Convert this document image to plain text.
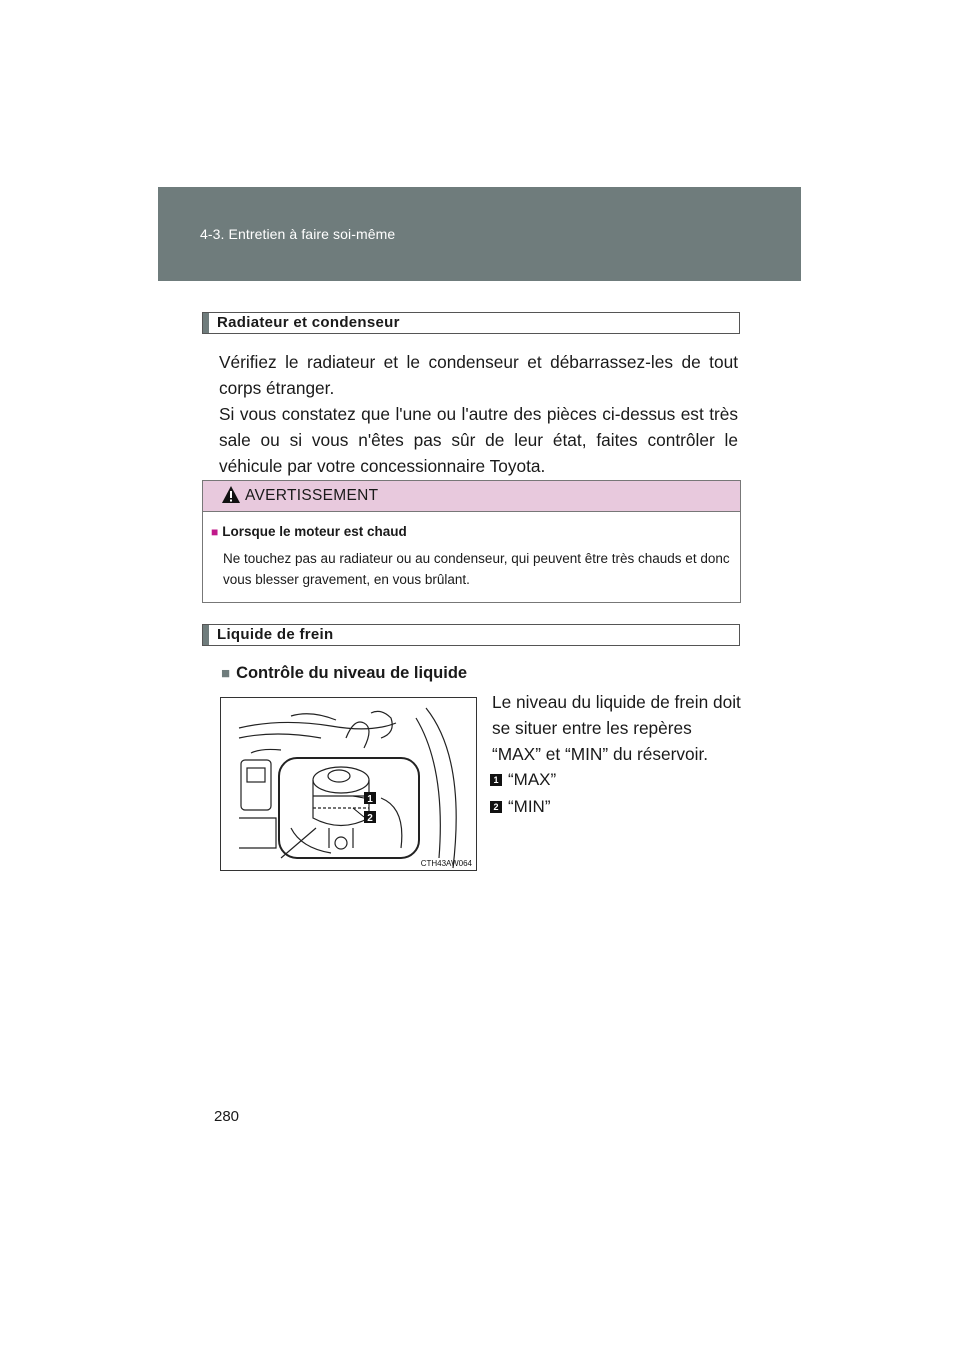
4-3. Entretien à faire soi-même
Radiateur et condenseur

Vérifiez le radiateur et le condenseur et débarrassez-les de tout corps étranger.

Si vous constatez que l'une ou l'autre des pièces ci-dessus est très sale ou si vous n'êtes pas sûr de leur état, faites contrôler le véhicule par votre concessionnaire Toyota.

AVERTISSEMENT
■ Lorsque le moteur est chaud
Ne touchez pas au radiateur ou au condenseur, qui peuvent être très chauds et donc vous blesser gravement, en vous brûlant.
Liquide de frein
■ Contrôle du niveau de liquide
1
2
CTH43AW064
Le niveau du liquide de frein doit se situer entre les repères “MAX” et “MIN” du réservoir.
1 “MAX”
2 “MIN”
280
